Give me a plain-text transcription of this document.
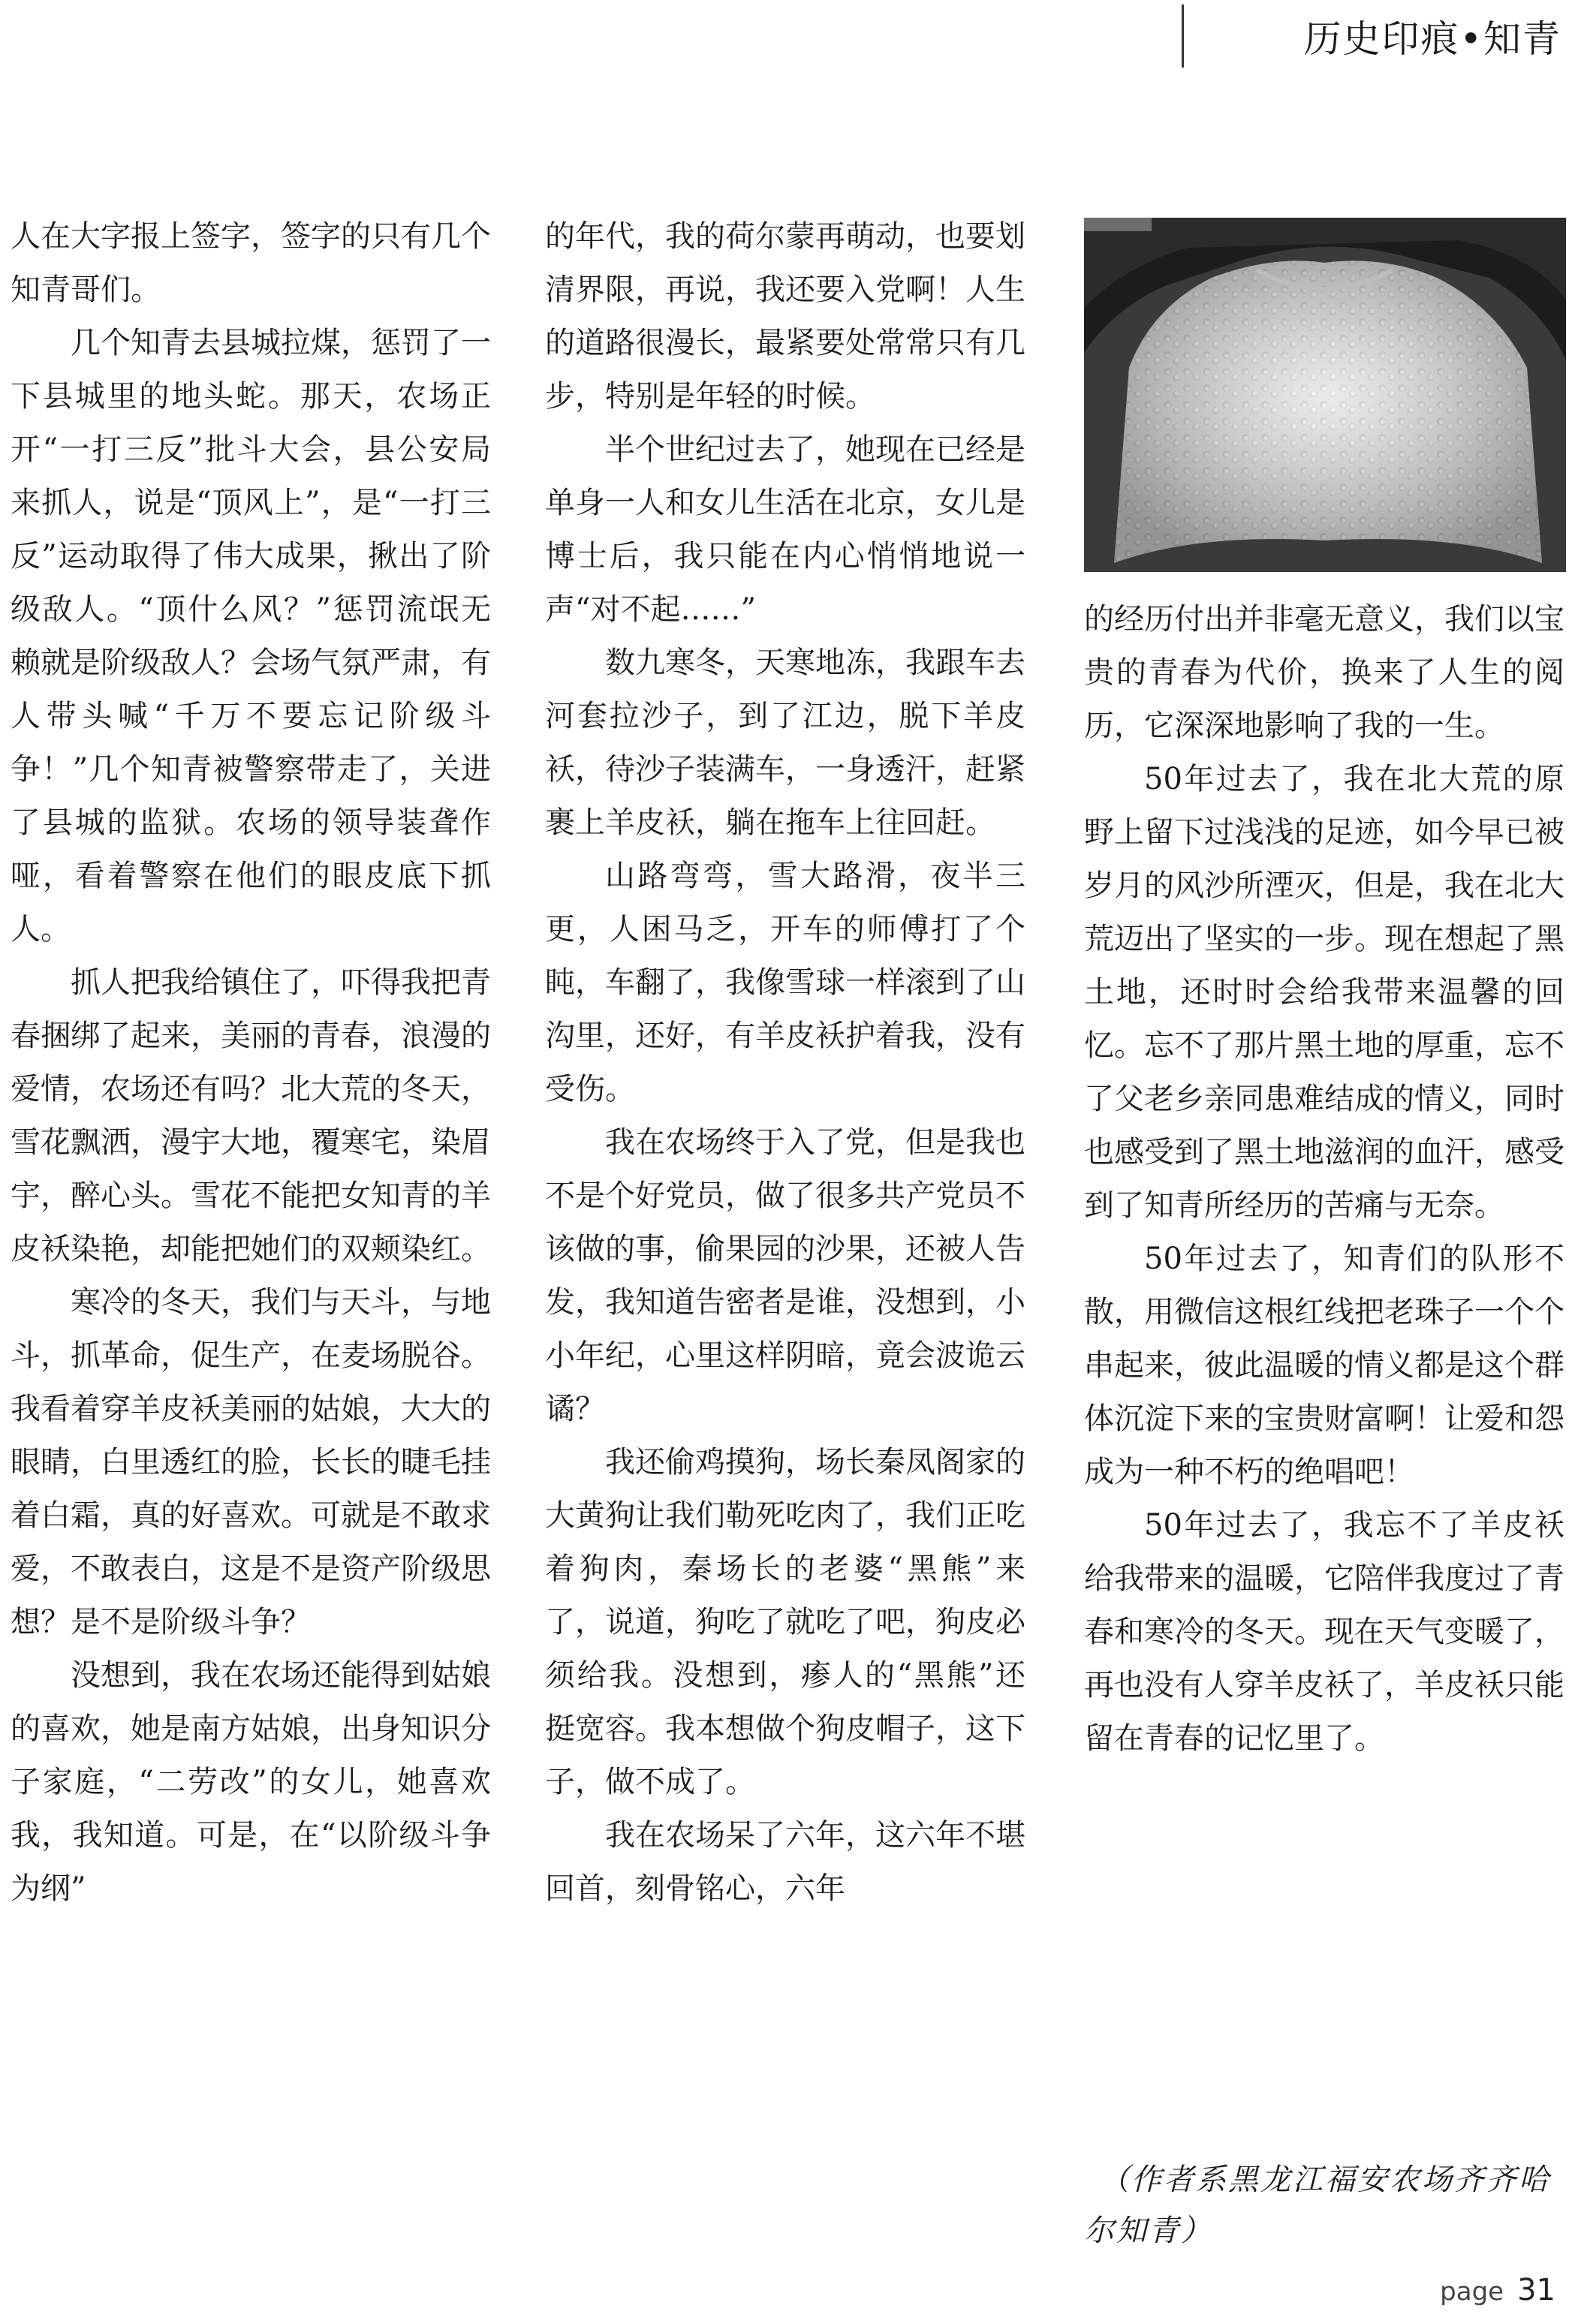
历史印痕•知青

人在大字报上签字，签字的只有几个知青哥们。

几个知青去县城拉煤，惩罚了一下县城里的地头蛇。那天，农场正开“一打三反”批斗大会，县公安局来抓人，说是“顶风上”，是“一打三反”运动取得了伟大成果，揪出了阶级敌人。“顶什么风？”惩罚流氓无赖就是阶级敌人？会场气氛严肃，有人带头喊“千万不要忘记阶级斗争！”几个知青被警察带走了，关进了县城的监狱。农场的领导装聋作哑，看着警察在他们的眼皮底下抓人。

抓人把我给镇住了，吓得我把青春捆绑了起来，美丽的青春，浪漫的爱情，农场还有吗？北大荒的冬天，雪花飘洒，漫宇大地，覆寒宅，染眉宇，醉心头。雪花不能把女知青的羊皮袄染艳，却能把她们的双颊染红。

寒冷的冬天，我们与天斗，与地斗，抓革命，促生产，在麦场脱谷。我看着穿羊皮袄美丽的姑娘，大大的眼睛，白里透红的脸，长长的睫毛挂着白霜，真的好喜欢。可就是不敢求爱，不敢表白，这是不是资产阶级思想？是不是阶级斗争？

没想到，我在农场还能得到姑娘的喜欢，她是南方姑娘，出身知识分子家庭，“二劳改”的女儿，她喜欢我，我知道。可是，在“以阶级斗争为纲”

的年代，我的荷尔蒙再萌动，也要划清界限，再说，我还要入党啊！人生的道路很漫长，最紧要处常常只有几步，特别是年轻的时候。

半个世纪过去了，她现在已经是单身一人和女儿生活在北京，女儿是博士后，我只能在内心悄悄地说一声“对不起……”

数九寒冬，天寒地冻，我跟车去河套拉沙子，到了江边，脱下羊皮袄，待沙子装满车，一身透汗，赶紧裹上羊皮袄，躺在拖车上往回赶。

山路弯弯，雪大路滑，夜半三更，人困马乏，开车的师傅打了个盹，车翻了，我像雪球一样滚到了山沟里，还好，有羊皮袄护着我，没有受伤。

我在农场终于入了党，但是我也不是个好党员，做了很多共产党员不该做的事，偷果园的沙果，还被人告发，我知道告密者是谁，没想到，小小年纪，心里这样阴暗，竟会波诡云谲？

我还偷鸡摸狗，场长秦凤阁家的大黄狗让我们勒死吃肉了，我们正吃着狗肉，秦场长的老婆“黑熊”来了，说道，狗吃了就吃了吧，狗皮必须给我。没想到，瘆人的“黑熊”还挺宽容。我本想做个狗皮帽子，这下子，做不成了。

我在农场呆了六年，这六年不堪回首，刻骨铭心，六年

的经历付出并非毫无意义，我们以宝贵的青春为代价，换来了人生的阅历，它深深地影响了我的一生。

50年过去了，我在北大荒的原野上留下过浅浅的足迹，如今早已被岁月的风沙所湮灭，但是，我在北大荒迈出了坚实的一步。现在想起了黑土地，还时时会给我带来温馨的回忆。忘不了那片黑土地的厚重，忘不了父老乡亲同患难结成的情义，同时也感受到了黑土地滋润的血汗，感受到了知青所经历的苦痛与无奈。

50年过去了，知青们的队形不散，用微信这根红线把老珠子一个个串起来，彼此温暖的情义都是这个群体沉淀下来的宝贵财富啊！让爱和怨成为一种不朽的绝唱吧！

50年过去了，我忘不了羊皮袄给我带来的温暖，它陪伴我度过了青春和寒冷的冬天。现在天气变暖了，再也没有人穿羊皮袄了，羊皮袄只能留在青春的记忆里了。

（作者系黑龙江福安农场齐齐哈尔知青）
page 31
